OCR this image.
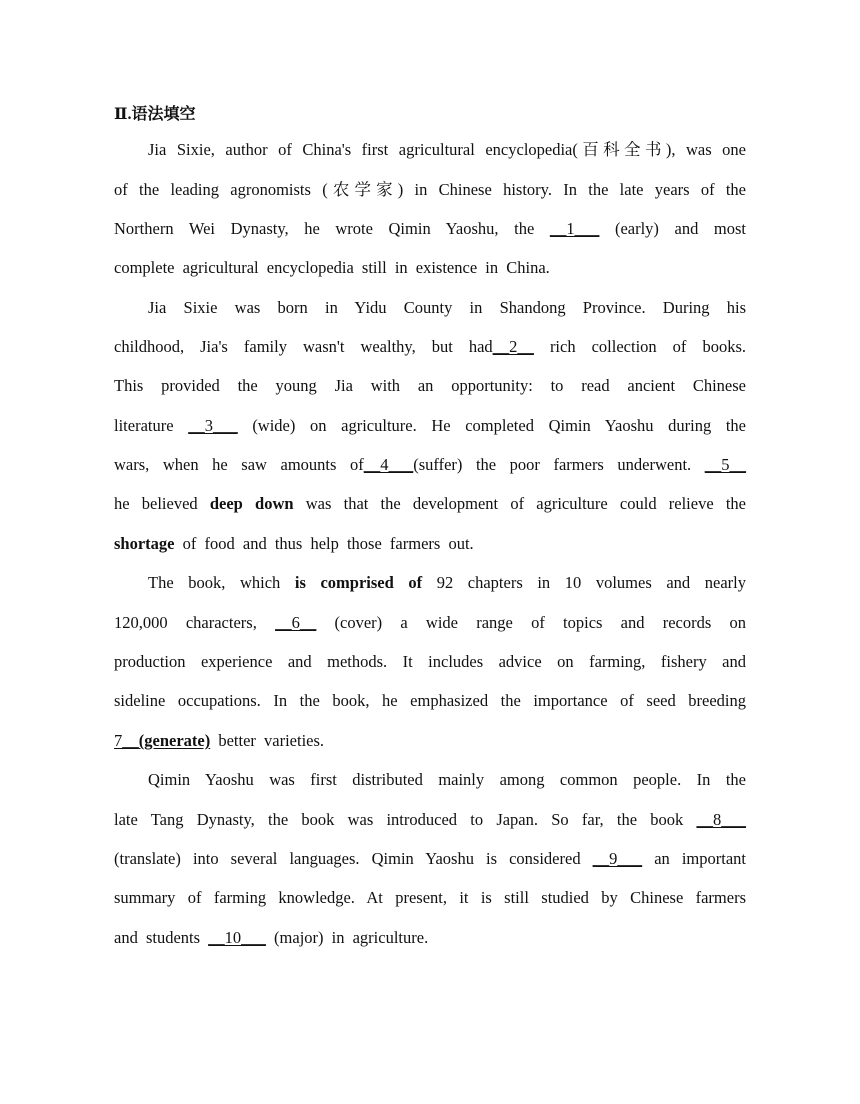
Ⅱ.语法填空
Jia Sixie, author of China's first agricultural encyclopedia(百科全书), was one
of the leading agronomists (农学家) in Chinese history. In the late years of the
Northern Wei Dynasty, he wrote Qimin Yaoshu, the __1___ (early) and most
complete agricultural encyclopedia still in existence in China.
Jia Sixie was born in Yidu County in Shandong Province. During his
childhood, Jia's family wasn't wealthy, but had__2__ rich collection of books.
This provided the young Jia with an opportunity: to read ancient Chinese
literature __3___ (wide) on agriculture. He completed Qimin Yaoshu during the
wars, when he saw amounts of__4___(suffer) the poor farmers underwent. __5__
he believed deep down was that the development of agriculture could relieve the
shortage of food and thus help those farmers out.
The book, which is comprised of 92 chapters in 10 volumes and nearly
120,000 characters, __6__ (cover) a wide range of topics and records on
production experience and methods. It includes advice on farming, fishery and
sideline occupations. In the book, he emphasized the importance of seed breeding
7__(generate) better varieties.
Qimin Yaoshu was first distributed mainly among common people. In the
late Tang Dynasty, the book was introduced to Japan. So far, the book __8___
(translate) into several languages. Qimin Yaoshu is considered __9___ an important
summary of farming knowledge. At present, it is still studied by Chinese farmers
and students __10___ (major) in agriculture.
